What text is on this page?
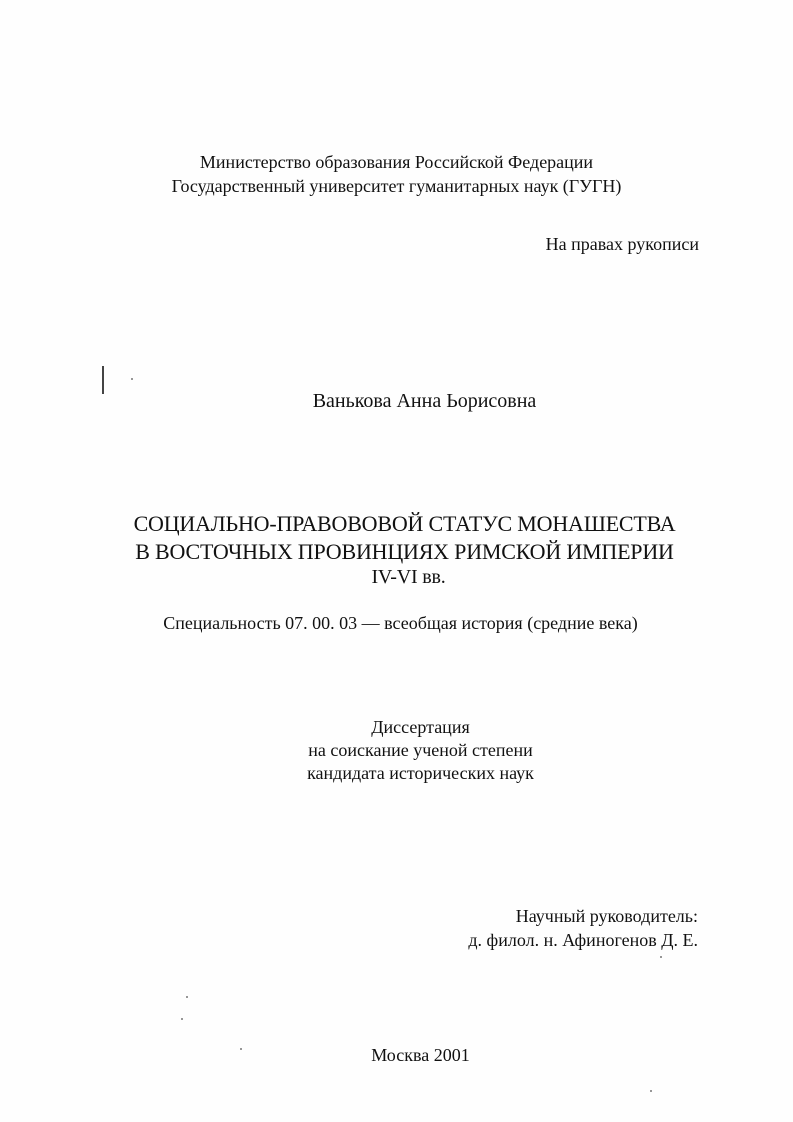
Министерство образования Российской Федерации
Государственный университет гуманитарных наук (ГУГН)
На правах рукописи
Ванькова Анна Ьорисовна
СОЦИАЛЬНО-ПРАВОВОВОЙ СТАТУС МОНАШЕСТВА
В ВОСТОЧНЫХ ПРОВИНЦИЯХ РИМСКОЙ ИМПЕРИИ
IV-VI вв.
Специальность 07. 00. 03 — всеобщая история (средние века)
Диссертация
на соискание ученой степени
кандидата исторических наук
Научный руководитель:
д. филол. н. Афиногенов Д. Е.
Москва 2001
